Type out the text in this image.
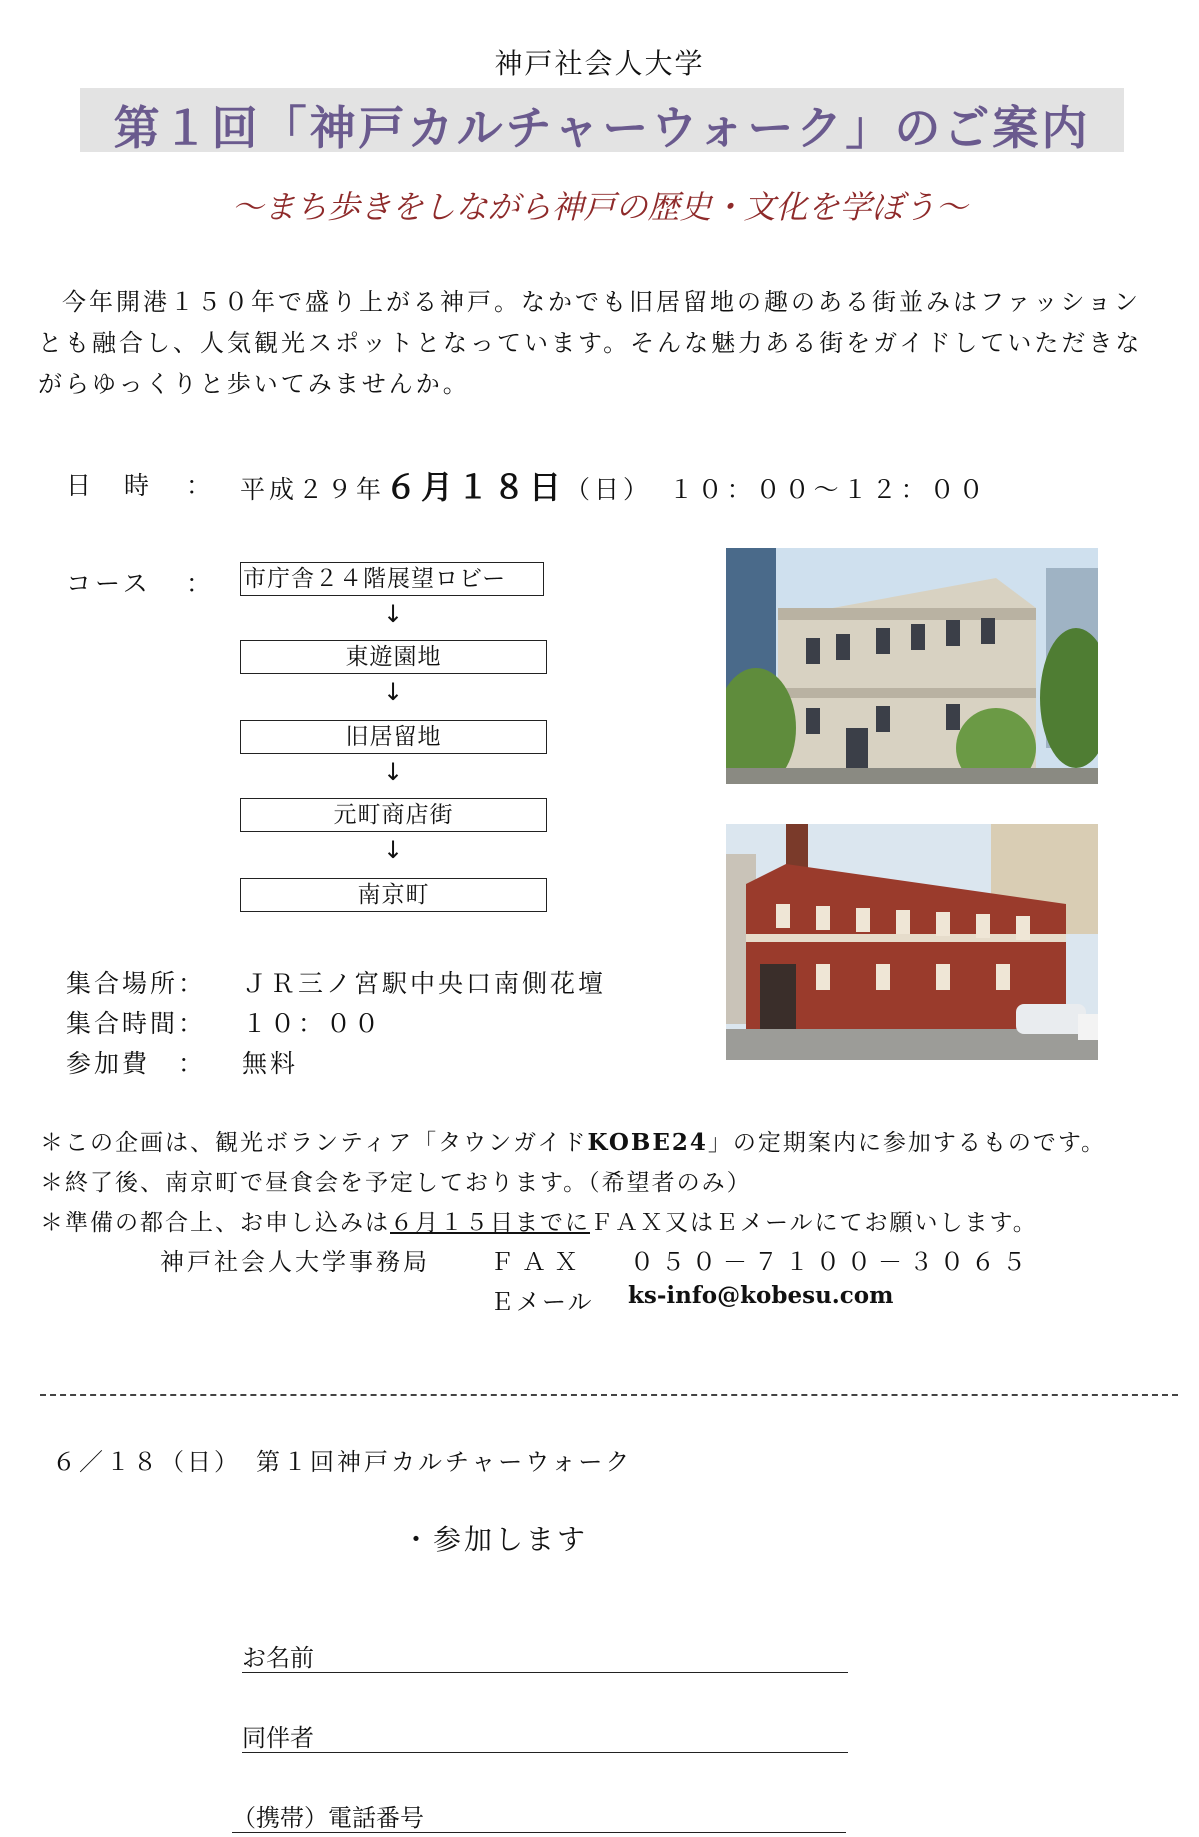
神戸社会人大学
第１回「神戸カルチャーウォーク」のご案内
～まち歩きをしながら神戸の歴史・文化を学ぼう～
今年開港１５０年で盛り上がる神戸。なかでも旧居留地の趣のある街並みはファッションとも融合し、人気観光スポットとなっています。そんな魅力ある街をガイドしていただきながらゆっくりと歩いてみませんか。
日　時 ： 平成２９年６月１８日（日）　 １０：００～１２：００
コース ： 市庁舎２４階展望ロビー
↓
東遊園地
↓
旧居留地
↓
元町商店街
↓
南京町
集合場所： ＪＲ三ノ宮駅中央口南側花壇
集合時間： １０：００
参加費　： 無料
＊この企画は、観光ボランティア「タウンガイドKOBE24」の定期案内に参加するものです。
＊終了後、南京町で昼食会を予定しております。（希望者のみ）
＊準備の都合上、お申し込みは６月１５日までにＦＡＸ又はＥメールにてお願いします。
神戸社会人大学事務局	ＦＡＸ ０５０－７１００－３０６５
Ｅメール ks-info@kobesu.com
６／１８（日）　第１回神戸カルチャーウォーク
・参加します
お名前
同伴者
（携帯）電話番号
